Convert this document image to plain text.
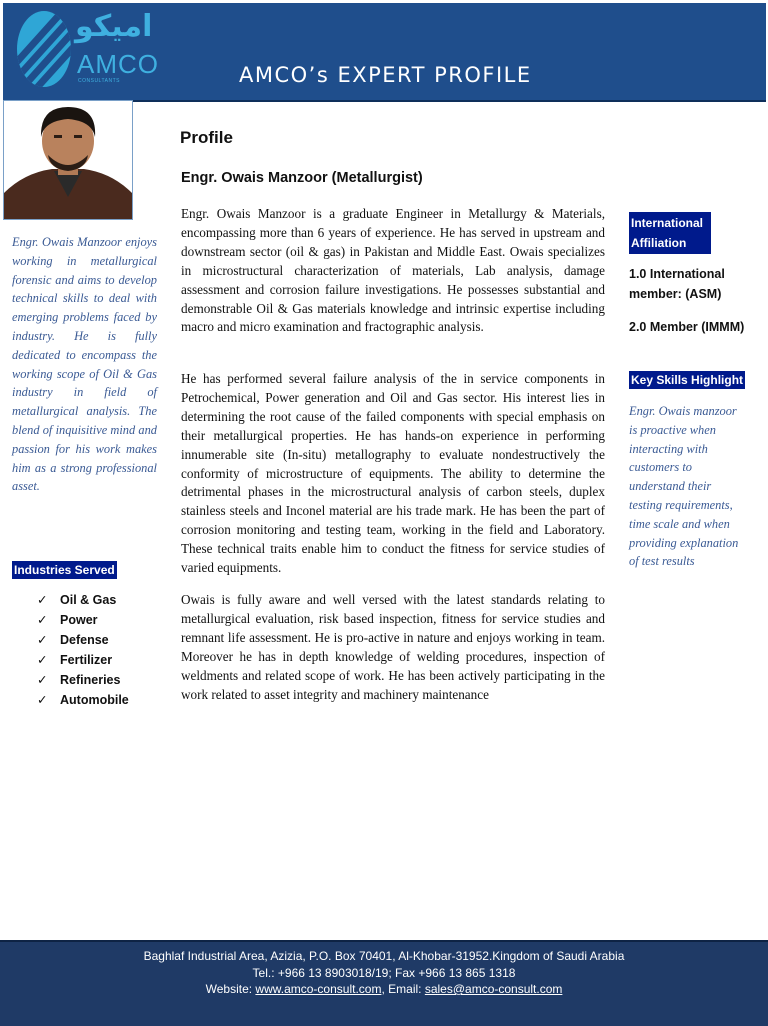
اميكو
AMCO
CONSULTANTS	AMCO’s EXPERT PROFILE

Engr. Owais Manzoor enjoys working in metallurgical forensic and aims to develop technical skills to deal with emerging problems faced by industry. He is fully dedicated to encompass the working scope of Oil & Gas industry in field of metallurgical analysis. The blend of inquisitive mind and passion for his work makes him as a strong professional asset.

Industries Served
✓ Oil & Gas
✓ Power
✓ Defense
✓ Fertilizer
✓ Refineries
✓ Automobile
Profile
Engr. Owais Manzoor (Metallurgist)

Engr. Owais Manzoor is a graduate Engineer in Metallurgy & Materials, encompassing more than 6 years of experience. He has served in upstream and downstream sector (oil & gas) in Pakistan and Middle East. Owais specializes in microstructural characterization of materials, Lab analysis, damage assessment and corrosion failure investigations. He possesses substantial and demonstrable Oil & Gas materials knowledge and intrinsic expertise including macro and micro examination and fractographic analysis.

He has performed several failure analysis of the in service components in Petrochemical, Power generation and Oil and Gas sector. His interest lies in determining the root cause of the failed components with special emphasis on their metallurgical properties. He has hands-on experience in performing innumerable site (In-situ) metallography to evaluate nondestructively the conformity of microstructure of equipments. The ability to determine the detrimental phases in the microstructural analysis of carbon steels, duplex stainless steels and Inconel material are his trade mark. He has been the part of corrosion monitoring and testing team, working in the field and Laboratory. These technical traits enable him to conduct the fitness for service studies of varied equipments.

Owais is fully aware and well versed with the latest standards relating to metallurgical evaluation, risk based inspection, fitness for service studies and remnant life assessment. He is pro-active in nature and enjoys working in team. Moreover he has in depth knowledge of welding procedures, inspection of weldments and related scope of work. He has been actively participating in the work related to asset integrity and machinery maintenance

International Affiliation

1.0 International member: (ASM)

2.0 Member (IMMM)

Key Skills Highlight

Engr. Owais manzoor is proactive when interacting with customers to understand their testing requirements, time scale and when providing explanation of test results

Baghlaf Industrial Area, Azizia, P.O. Box 70401, Al-Khobar-31952.Kingdom of Saudi Arabia
Tel.: +966 13 8903018/19; Fax +966 13 865 1318
Website: www.amco-consult.com, Email: sales@amco-consult.com
